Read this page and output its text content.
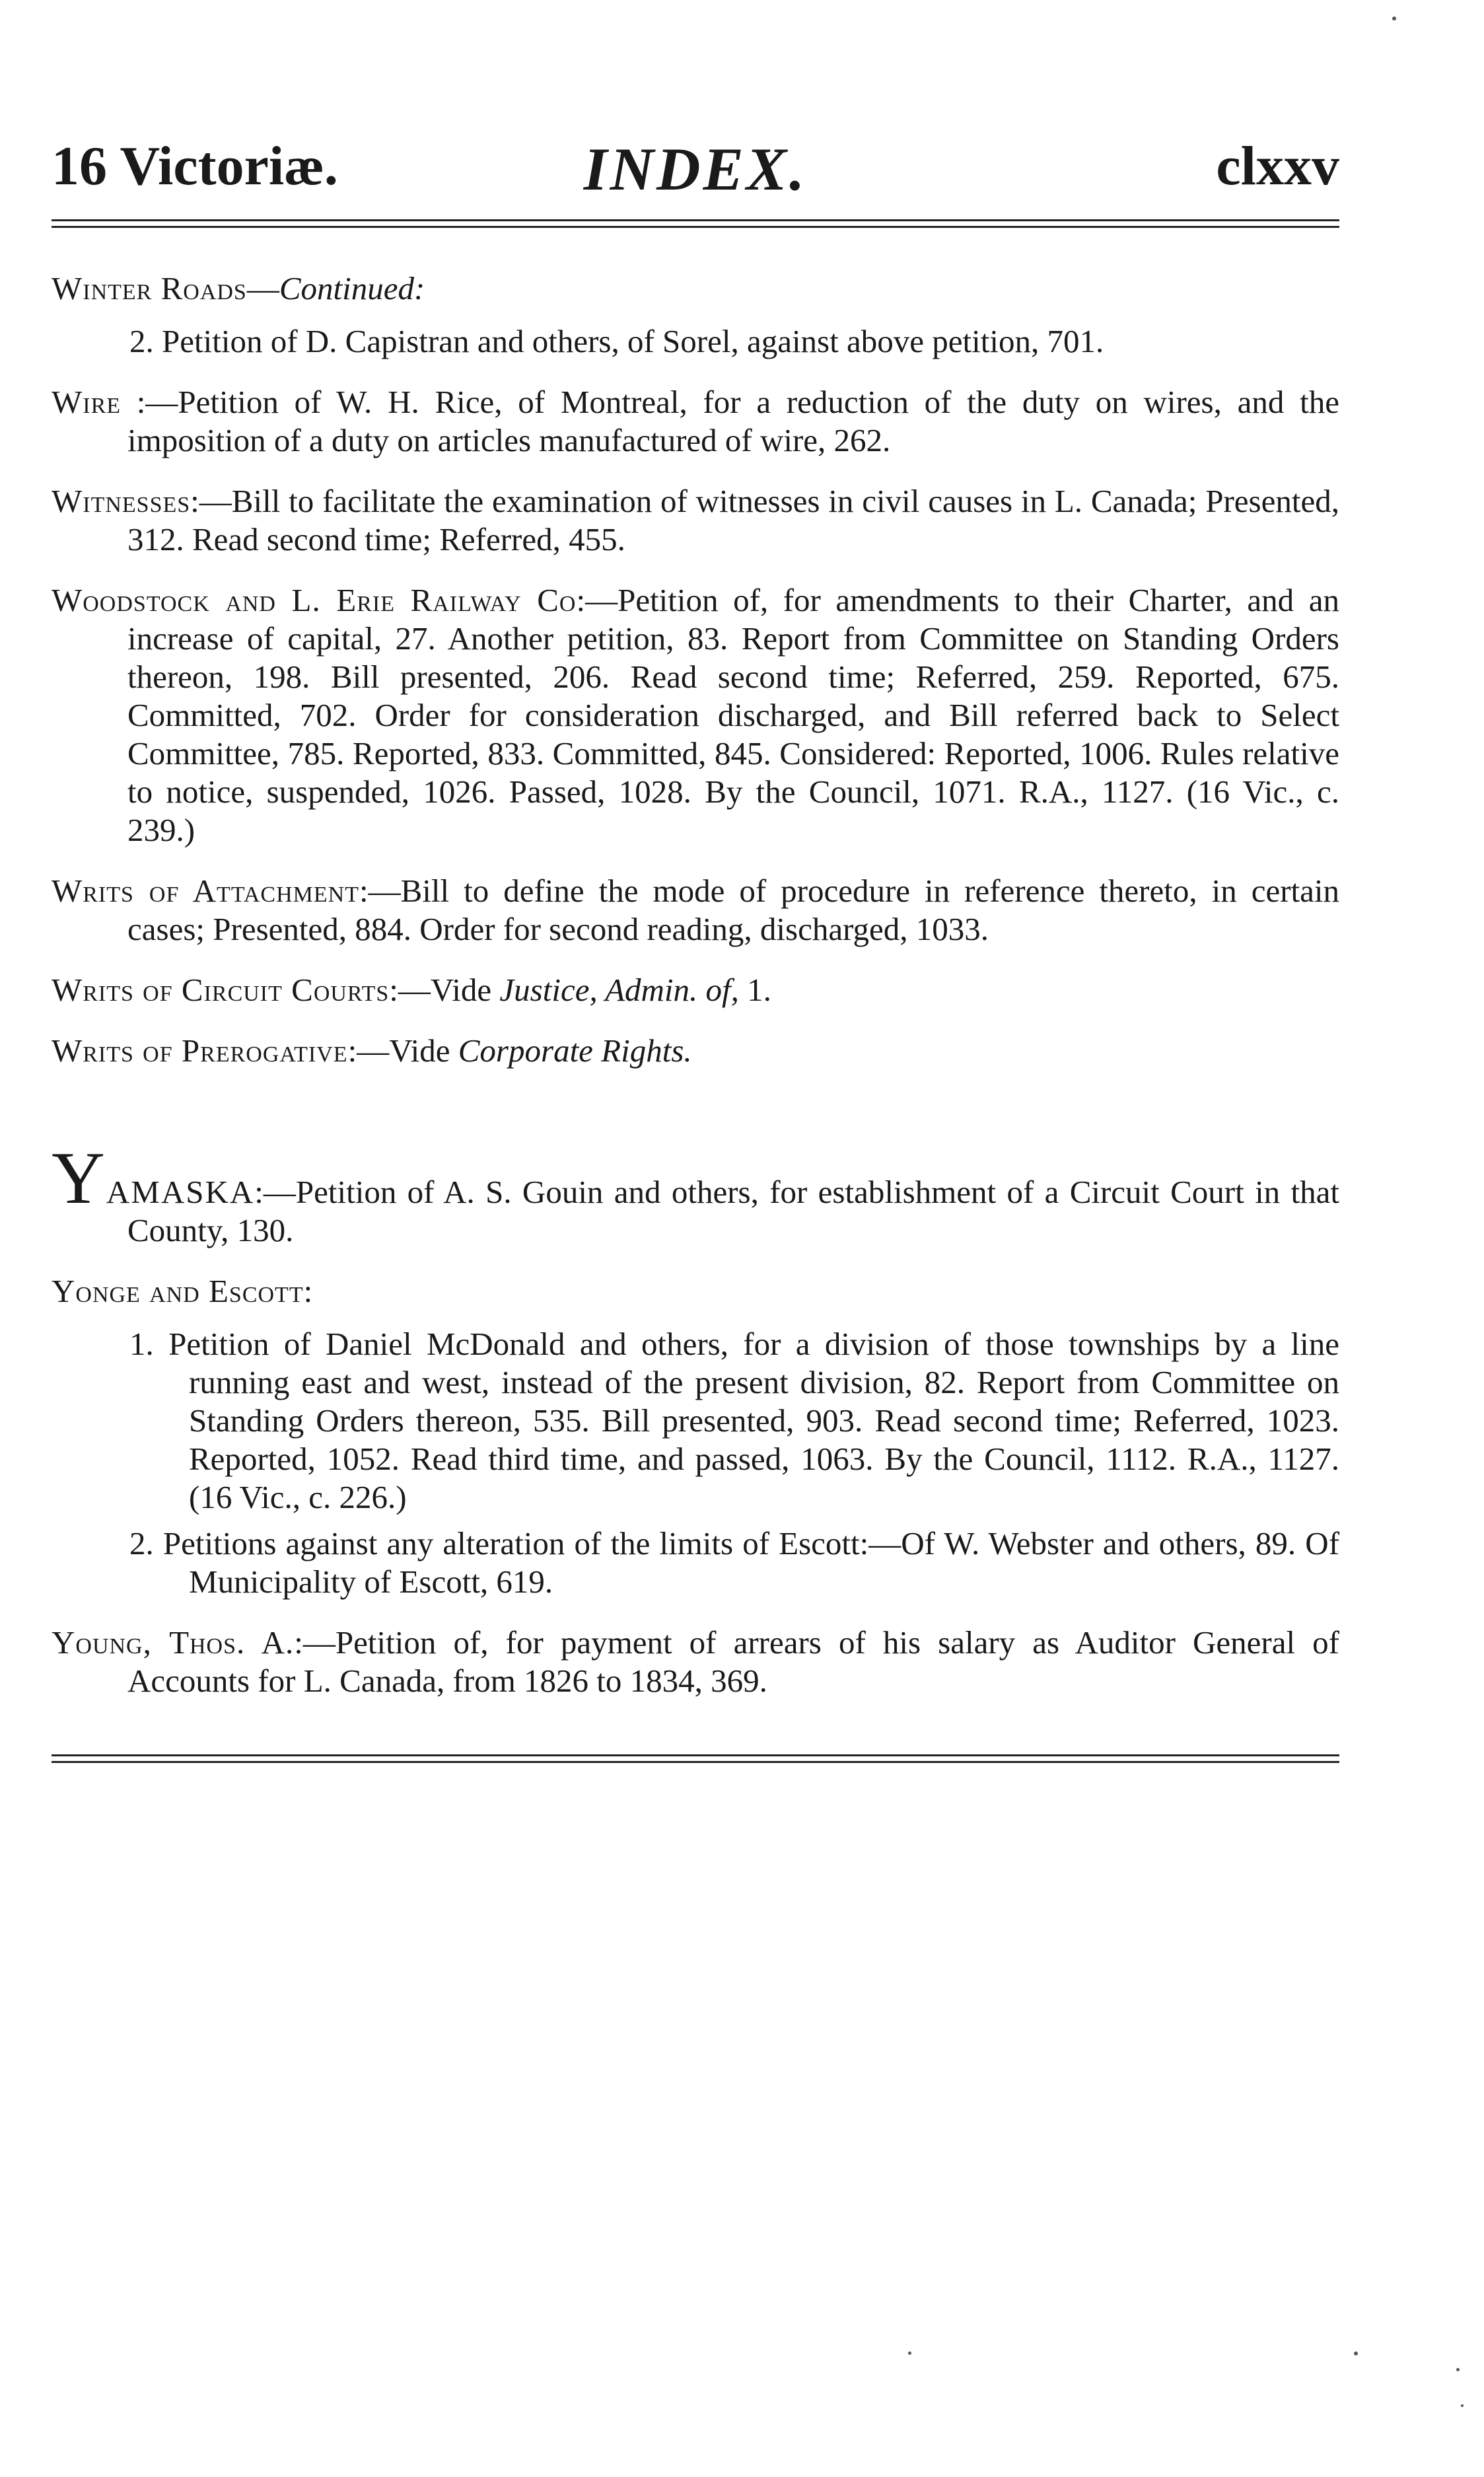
16 Victoriæ.	INDEX.	clxxv
Winter Roads—Continued:
2. Petition of D. Capistran and others, of Sorel, against above petition, 701.
Wire :—Petition of W. H. Rice, of Montreal, for a reduction of the duty on wires, and the imposition of a duty on articles manufactured of wire, 262.
Witnesses:—Bill to facilitate the examination of witnesses in civil causes in L. Canada; Presented, 312. Read second time; Referred, 455.
Woodstock and L. Erie Railway Co:—Petition of, for amendments to their Charter, and an increase of capital, 27. Another petition, 83. Report from Committee on Standing Orders thereon, 198. Bill presented, 206. Read second time; Referred, 259. Reported, 675. Committed, 702. Order for consideration discharged, and Bill referred back to Select Committee, 785. Reported, 833. Committed, 845. Considered: Reported, 1006. Rules relative to notice, suspended, 1026. Passed, 1028. By the Council, 1071. R.A., 1127. (16 Vic., c. 239.)
Writs of Attachment:—Bill to define the mode of procedure in reference thereto, in certain cases; Presented, 884. Order for second reading, discharged, 1033.
Writs of Circuit Courts:—Vide Justice, Admin. of, 1.
Writs of Prerogative:—Vide Corporate Rights.
YAMASKA:—Petition of A. S. Gouin and others, for establishment of a Circuit Court in that County, 130.
Yonge and Escott:
1. Petition of Daniel McDonald and others, for a division of those townships by a line running east and west, instead of the present division, 82. Report from Committee on Standing Orders thereon, 535. Bill presented, 903. Read second time; Referred, 1023. Reported, 1052. Read third time, and passed, 1063. By the Council, 1112. R.A., 1127. (16 Vic., c. 226.)
2. Petitions against any alteration of the limits of Escott:—Of W. Webster and others, 89. Of Municipality of Escott, 619.
Young, Thos. A.:—Petition of, for payment of arrears of his salary as Auditor General of Accounts for L. Canada, from 1826 to 1834, 369.
